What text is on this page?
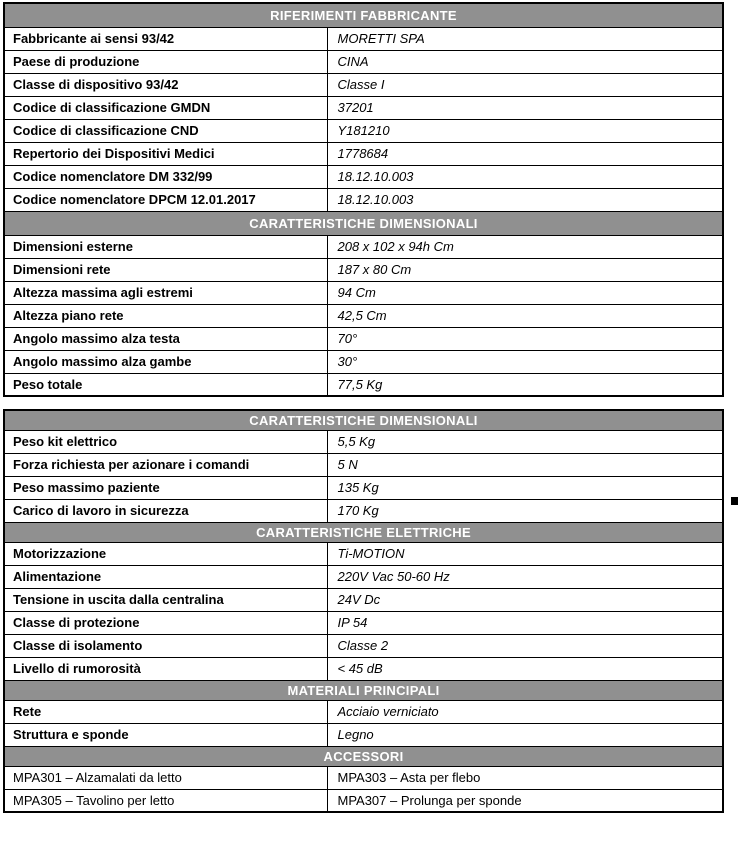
RIFERIMENTI FABBRICANTE	
Fabbricante ai sensi 93/42	MORETTI SPA
Paese di produzione	CINA
Classe di dispositivo 93/42	Classe I
Codice di classificazione GMDN	37201
Codice di classificazione CND	Y181210
Repertorio dei Dispositivi Medici	1778684
Codice nomenclatore DM 332/99	18.12.10.003
Codice nomenclatore DPCM 12.01.2017	18.12.10.003
CARATTERISTICHE DIMENSIONALI	
Dimensioni esterne	208 x 102 x 94h Cm
Dimensioni rete	187 x 80 Cm
Altezza massima agli estremi	94 Cm
Altezza piano rete	42,5 Cm
Angolo massimo alza testa	70°
Angolo massimo alza gambe	30°
Peso totale	77,5 Kg
CARATTERISTICHE DIMENSIONALI	
Peso kit elettrico	5,5 Kg
Forza richiesta per azionare i comandi	5 N
Peso massimo paziente	135 Kg
Carico di lavoro in sicurezza	170 Kg
CARATTERISTICHE ELETTRICHE	
Motorizzazione	Ti-MOTION
Alimentazione	220V Vac 50-60 Hz
Tensione in uscita dalla centralina	24V Dc
Classe di protezione	IP 54
Classe di isolamento	Classe 2
Livello di rumorosità	< 45 dB
MATERIALI PRINCIPALI	
Rete	Acciaio verniciato
Struttura e sponde	Legno
ACCESSORI	
MPA301 – Alzamalati da letto	MPA303 – Asta per flebo
MPA305 – Tavolino per letto	MPA307 – Prolunga per sponde
